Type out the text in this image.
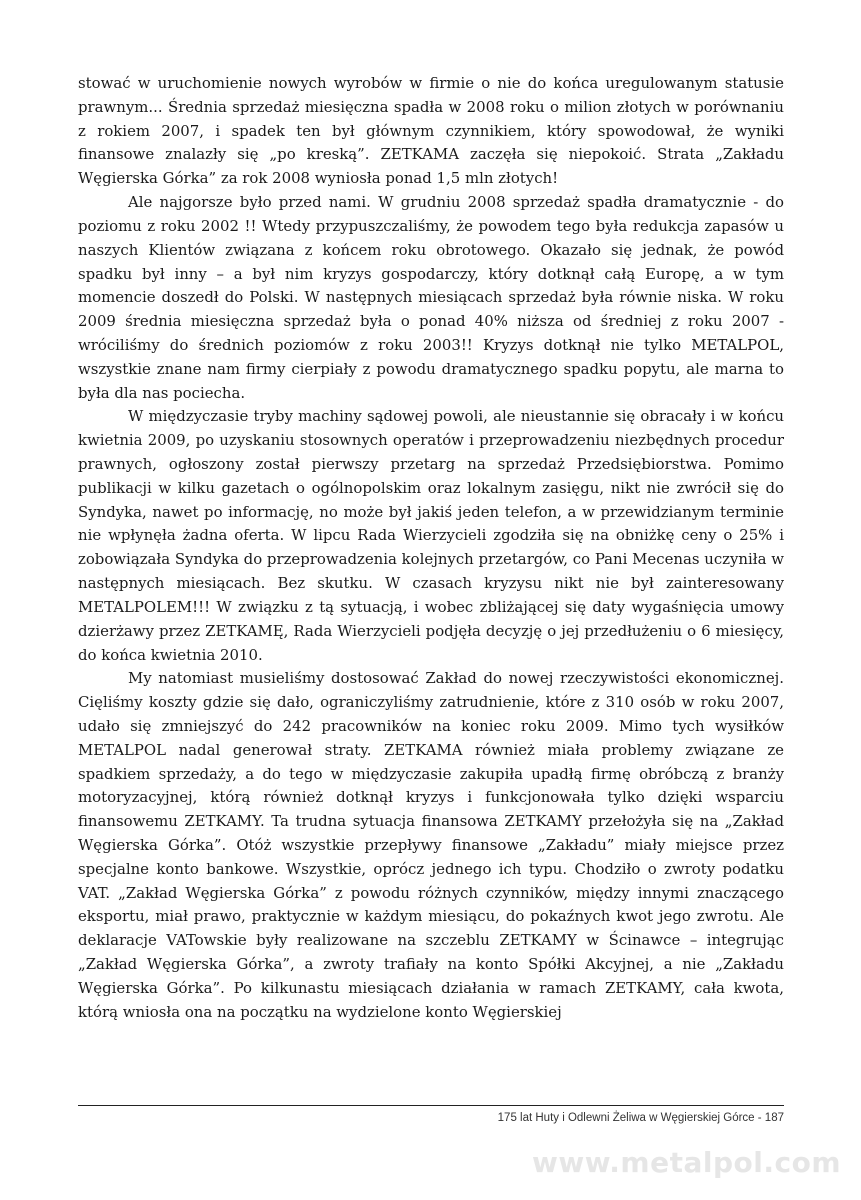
stować w uruchomienie nowych wyrobów w firmie o nie do końca uregulowanym statusie prawnym... Średnia sprzedaż miesięczna spadła w 2008 roku o milion złotych w porównaniu z rokiem 2007, i spadek ten był głównym czynnikiem, który spowodował, że wyniki finansowe znalazły się „po kreską”. ZETKAMA zaczęła się niepokoić. Strata „Zakładu Węgierska Górka” za rok 2008 wyniosła ponad 1,5 mln złotych!

Ale najgorsze było przed nami. W grudniu 2008 sprzedaż spadła dramatycznie - do poziomu z roku 2002 !! Wtedy przypuszczaliśmy, że powodem tego była redukcja zapasów u naszych Klientów związana z końcem roku obrotowego. Okazało się jednak, że powód spadku był inny – a był nim kryzys gospodarczy, który dotknął całą Europę, a w tym momencie doszedł do Polski. W następnych miesiącach sprzedaż była równie niska. W roku 2009 średnia miesięczna sprzedaż była o ponad 40% niższa od średniej z roku 2007 - wróciliśmy do średnich poziomów z roku 2003!! Kryzys dotknął nie tylko METALPOL, wszystkie znane nam firmy cierpiały z powodu dramatycznego spadku popytu, ale marna to była dla nas pociecha.

W międzyczasie tryby machiny sądowej powoli, ale nieustannie się obracały i w końcu kwietnia 2009, po uzyskaniu stosownych operatów i przeprowadzeniu niezbędnych procedur prawnych, ogłoszony został pierwszy przetarg na sprzedaż Przedsiębiorstwa. Pomimo publikacji w kilku gazetach o ogólnopolskim oraz lokalnym zasięgu, nikt nie zwrócił się do Syndyka, nawet po informację, no może był jakiś jeden telefon, a w przewidzianym terminie nie wpłynęła żadna oferta. W lipcu Rada Wierzycieli zgodziła się na obniżkę ceny o 25% i zobowiązała Syndyka do przeprowadzenia kolejnych przetargów, co Pani Mecenas uczyniła w następnych miesiącach. Bez skutku. W czasach kryzysu nikt nie był zainteresowany METALPOLEM!!! W związku z tą sytuacją, i wobec zbliżającej się daty wygaśnięcia umowy dzierżawy przez ZETKAMĘ, Rada Wierzycieli podjęła decyzję o jej przedłużeniu o 6 miesięcy, do końca kwietnia 2010.

My natomiast musieliśmy dostosować Zakład do nowej rzeczywistości ekonomicznej. Cięliśmy koszty gdzie się dało, ograniczyliśmy zatrudnienie, które z 310 osób w roku 2007, udało się zmniejszyć do 242 pracowników na koniec roku 2009. Mimo tych wysiłków METALPOL nadal generował straty. ZETKAMA również miała problemy związane ze spadkiem sprzedaży, a do tego w międzyczasie zakupiła upadłą firmę obróbczą z branży motoryzacyjnej, którą również dotknął kryzys i funkcjonowała tylko dzięki wsparciu finansowemu ZETKAMY. Ta trudna sytuacja finansowa ZETKAMY przełożyła się na „Zakład Węgierska Górka”. Otóż wszystkie przepływy finansowe „Zakładu” miały miejsce przez specjalne konto bankowe. Wszystkie, oprócz jednego ich typu. Chodziło o zwroty podatku VAT. „Zakład Węgierska Górka” z powodu różnych czynników, między innymi znaczącego eksportu, miał prawo, praktycznie w każdym miesiącu, do pokaźnych kwot jego zwrotu. Ale deklaracje VATowskie były realizowane na szczeblu ZETKAMY w Ścinawce – integrując „Zakład Węgierska Górka”, a zwroty trafiały na konto Spółki Akcyjnej, a nie „Zakładu Węgierska Górka”. Po kilkunastu miesiącach działania w ramach ZETKAMY, cała kwota, którą wniosła ona na początku na wydzielone konto Węgierskiej

175 lat Huty i Odlewni Żeliwa w Węgierskiej Górce - 187
www.metalpol.com
